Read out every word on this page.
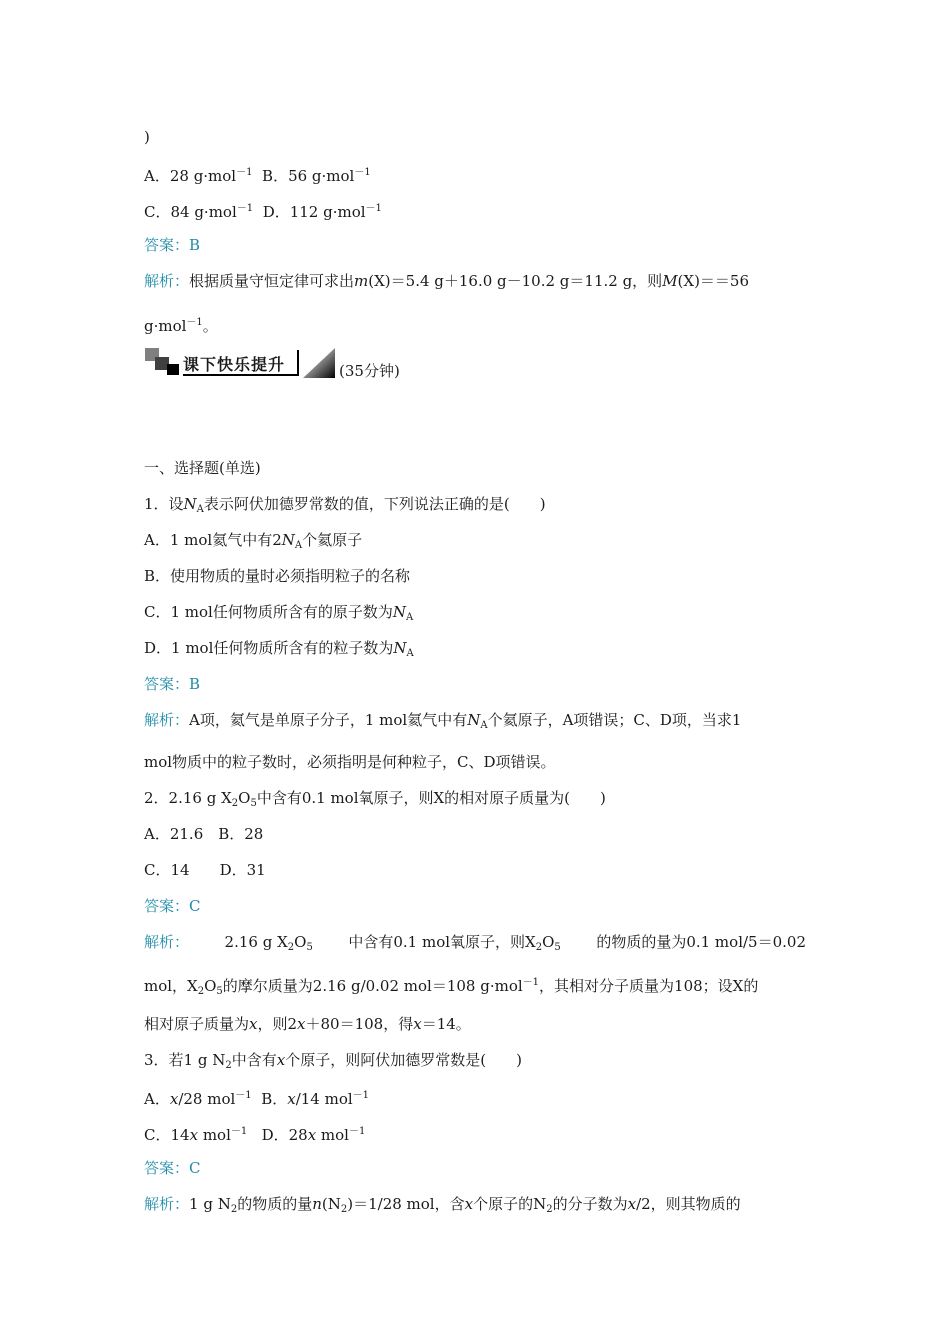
)
A．28 g·mol$^{-1}$ B．56 g·mol$^{-1}$
C．84 g·mol$^{-1}$ D．112 g·mol$^{-1}$
答案：B
解析：根据质量守恒定律可求出m(X)＝5.4 g＋16.0 g－10.2 g＝11.2 g，则M(X)＝＝56
g·mol$^{-1}$。
课下快乐提升	(35分钟)
一、选择题(单选)
1．设$N_A$表示阿伏加德罗常数的值，下列说法正确的是(　　)
A．1 mol氦气中有$2N_A$个氦原子
B．使用物质的量时必须指明粒子的名称
C．1 mol任何物质所含有的原子数为$N_A$
D．1 mol任何物质所含有的粒子数为$N_A$
答案：B
解析：A项，氦气是单原子分子，1 mol氦气中有$N_A$个氦原子，A项错误；C、D项，当求1
mol物质中的粒子数时，必须指明是何种粒子，C、D项错误。
2．2.16 g $X_2O_5$中含有0.1 mol氧原子，则X的相对原子质量为(　　)
A．21.6　B．28
C．14　　D．31
答案：C
解析： 2.16 g $X_2O_5$ 中含有0.1 mol氧原子，则$X_2O_5$ 的物质的量为0.1 mol/5＝0.02
mol，$X_2O_5$的摩尔质量为2.16 g/0.02 mol＝108 g·mol$^{-1}$，其相对分子质量为108；设X的
相对原子质量为x，则2x＋80＝108，得x＝14。
3．若1 g $N_2$中含有x个原子，则阿伏加德罗常数是(　　)
A．x/28 mol$^{-1}$ B．x/14 mol$^{-1}$
C．14x mol$^{-1}$ D．28x mol$^{-1}$
答案：C
解析：1 g $N_2$的物质的量$n(N_2)=1/28$ mol，含x个原子的$N_2$的分子数为x/2，则其物质的
